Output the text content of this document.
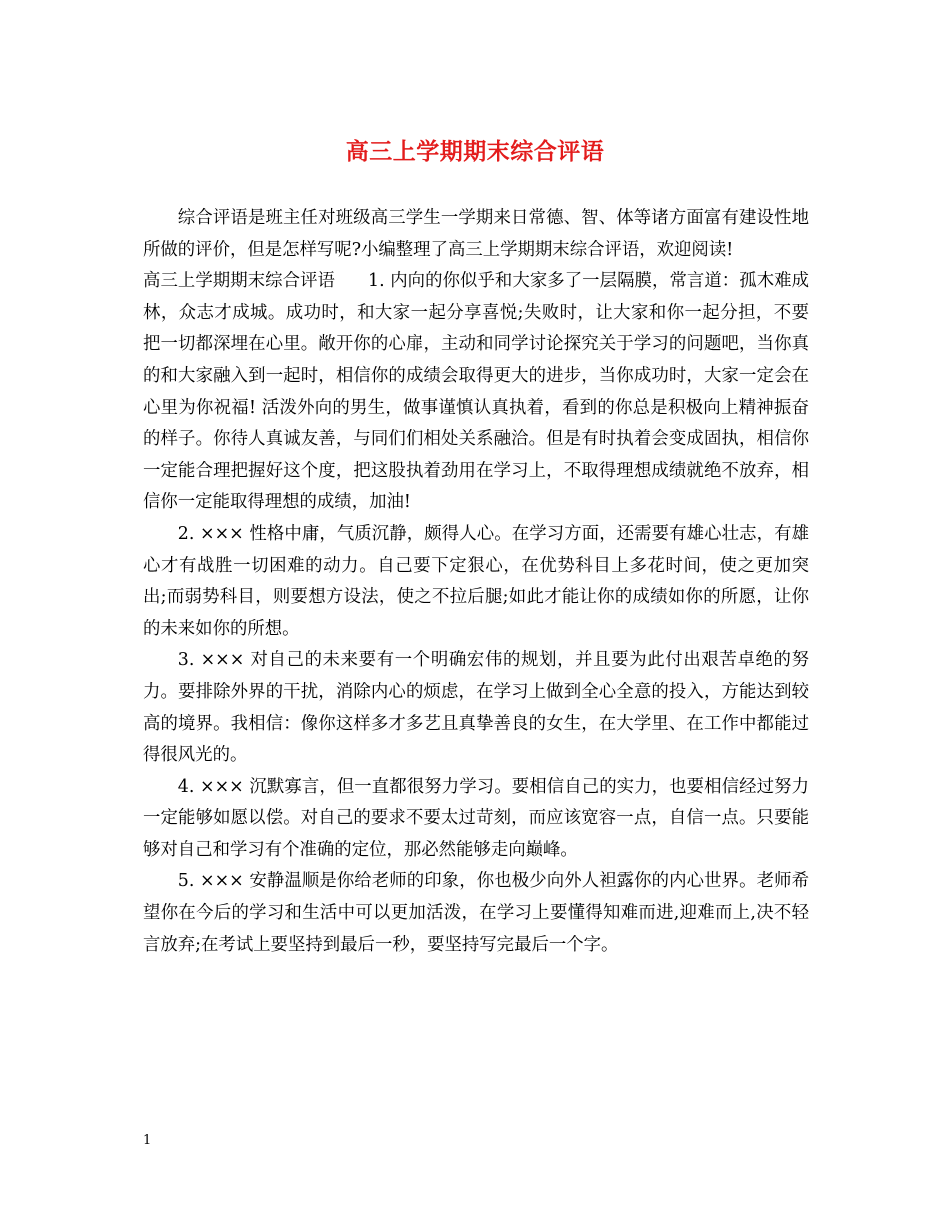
高三上学期期末综合评语

综合评语是班主任对班级高三学生一学期来日常德、智、体等诸方面富有建设性地所做的评价，但是怎样写呢?小编整理了高三上学期期末综合评语，欢迎阅读!

高三上学期期末综合评语 1. 内向的你似乎和大家多了一层隔膜，常言道：孤木难成林，众志才成城。成功时，和大家一起分享喜悦;失败时，让大家和你一起分担，不要把一切都深埋在心里。敞开你的心扉，主动和同学讨论探究关于学习的问题吧，当你真的和大家融入到一起时，相信你的成绩会取得更大的进步，当你成功时，大家一定会在心里为你祝福! 活泼外向的男生，做事谨慎认真执着，看到的你总是积极向上精神振奋的样子。你待人真诚友善，与同们们相处关系融洽。但是有时执着会变成固执，相信你一定能合理把握好这个度，把这股执着劲用在学习上，不取得理想成绩就绝不放弃，相信你一定能取得理想的成绩，加油!

2. ××× 性格中庸，气质沉静，颇得人心。在学习方面，还需要有雄心壮志，有雄心才有战胜一切困难的动力。自己要下定狠心，在优势科目上多花时间，使之更加突出;而弱势科目，则要想方设法，使之不拉后腿;如此才能让你的成绩如你的所愿，让你的未来如你的所想。

3. ××× 对自己的未来要有一个明确宏伟的规划，并且要为此付出艰苦卓绝的努力。要排除外界的干扰，消除内心的烦虑，在学习上做到全心全意的投入，方能达到较高的境界。我相信：像你这样多才多艺且真挚善良的女生，在大学里、在工作中都能过得很风光的。

4. ××× 沉默寡言，但一直都很努力学习。要相信自己的实力，也要相信经过努力一定能够如愿以偿。对自己的要求不要太过苛刻，而应该宽容一点，自信一点。只要能够对自己和学习有个准确的定位，那必然能够走向巅峰。

5. ××× 安静温顺是你给老师的印象，你也极少向外人袒露你的内心世界。老师希望你在今后的学习和生活中可以更加活泼，在学习上要懂得知难而进,迎难而上,决不轻言放弃;在考试上要坚持到最后一秒，要坚持写完最后一个字。

1
